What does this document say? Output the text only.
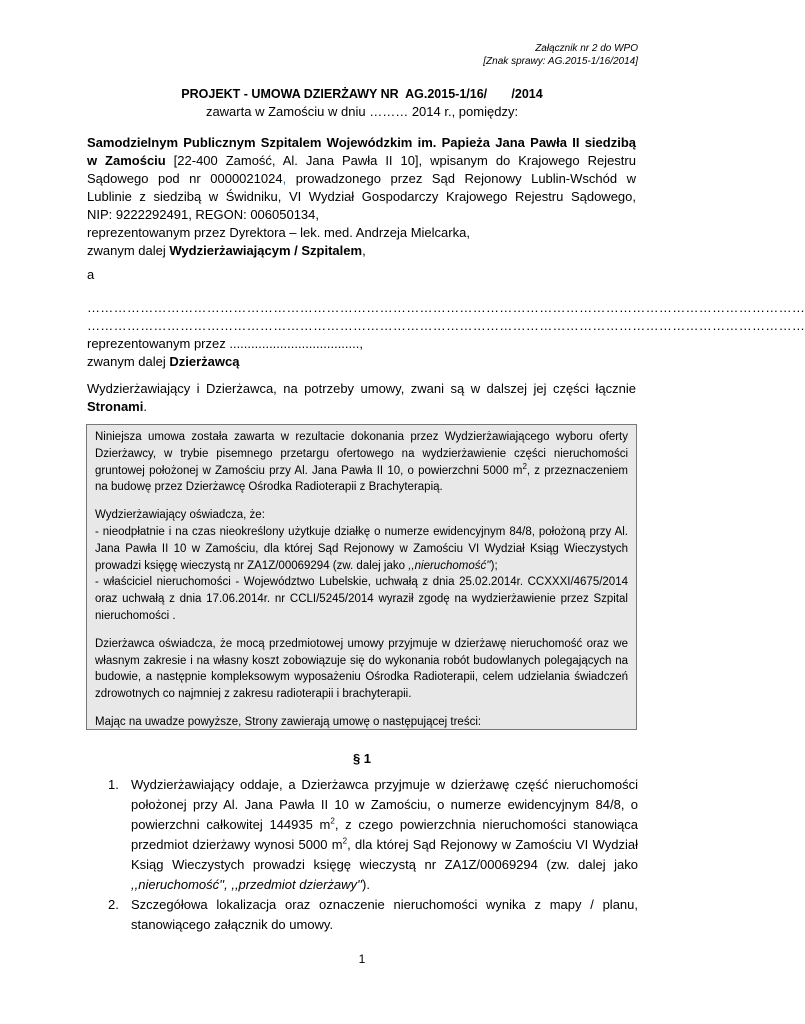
Załącznik nr 2 do WPO
[Znak sprawy: AG.2015-1/16/2014]
PROJEKT - UMOWA DZIERŻAWY NR  AG.2015-1/16/       /2014
zawarta w Zamościu w dniu ……… 2014 r., pomiędzy:
Samodzielnym Publicznym Szpitalem Wojewódzkim im. Papieża Jana Pawła II siedzibą
w Zamościu [22-400 Zamość, Al. Jana Pawła II 10], wpisanym do Krajowego Rejestru
Sądowego pod nr 0000021024, prowadzonego przez Sąd Rejonowy Lublin-Wschód w
Lublinie z siedzibą w Świdniku, VI Wydział Gospodarczy Krajowego Rejestru Sądowego,
NIP: 9222292491, REGON: 006050134,
reprezentowanym przez Dyrektora – lek. med. Andrzeja Mielcarka,
zwanym dalej Wydzierżawiającym / Szpitalem,
a
………………………………………………………………………………………………………………………………………………
………………………………………………………………………………………………………………………………………………
reprezentowanym przez ....................................,
zwanym dalej Dzierżawcą
Wydzierżawiający i Dzierżawca, na potrzeby umowy, zwani są w dalszej jej części łącznie
Stronami.

Niniejsza umowa została zawarta w rezultacie dokonania przez Wydzierżawiającego wyboru oferty Dzierżawcy, w trybie pisemnego przetargu ofertowego na wydzierżawienie części nieruchomości gruntowej położonej w Zamościu przy Al. Jana Pawła II 10, o powierzchni 5000 $m^2$, z przeznaczeniem na budowę przez Dzierżawcę Ośrodka Radioterapii z Brachyterapią.

Wydzierżawiający oświadcza, że:

- nieodpłatnie i na czas nieokreślony użytkuje działkę o numerze ewidencyjnym 84/8, położoną przy Al. Jana Pawła II 10 w Zamościu, dla której Sąd Rejonowy w Zamościu VI Wydział Ksiąg Wieczystych prowadzi księgę wieczystą nr ZA1Z/00069294 (zw. dalej jako ,,nieruchomość'');

- właściciel nieruchomości - Województwo Lubelskie, uchwałą z dnia 25.02.2014r. CCXXXI/4675/2014 oraz uchwałą z dnia 17.06.2014r. nr CCLI/5245/2014 wyraził zgodę na wydzierżawienie przez Szpital nieruchomości .

Dzierżawca oświadcza, że mocą przedmiotowej umowy przyjmuje w dzierżawę nieruchomość oraz we własnym zakresie i na własny koszt zobowiązuje się do wykonania robót budowlanych polegających na budowie, a następnie kompleksowym wyposażeniu Ośrodka Radioterapii, celem udzielania świadczeń zdrowotnych co najmniej z zakresu radioterapii i brachyterapii.

Mając na uwadze powyższe, Strony zawierają umowę o następującej treści:

§ 1
1. Wydzierżawiający oddaje, a Dzierżawca przyjmuje w dzierżawę część nieruchomości położonej przy Al. Jana Pawła II 10 w Zamościu, o numerze ewidencyjnym 84/8, o powierzchni całkowitej 144935 $m^2$, z czego powierzchnia nieruchomości stanowiąca przedmiot dzierżawy wynosi 5000 $m^2$, dla której Sąd Rejonowy w Zamościu VI Wydział Ksiąg Wieczystych prowadzi księgę wieczystą nr ZA1Z/00069294 (zw. dalej jako ,,nieruchomość'', ,,przedmiot dzierżawy'').
2. Szczegółowa lokalizacja oraz oznaczenie nieruchomości wynika z mapy / planu, stanowiącego załącznik do umowy.
1
